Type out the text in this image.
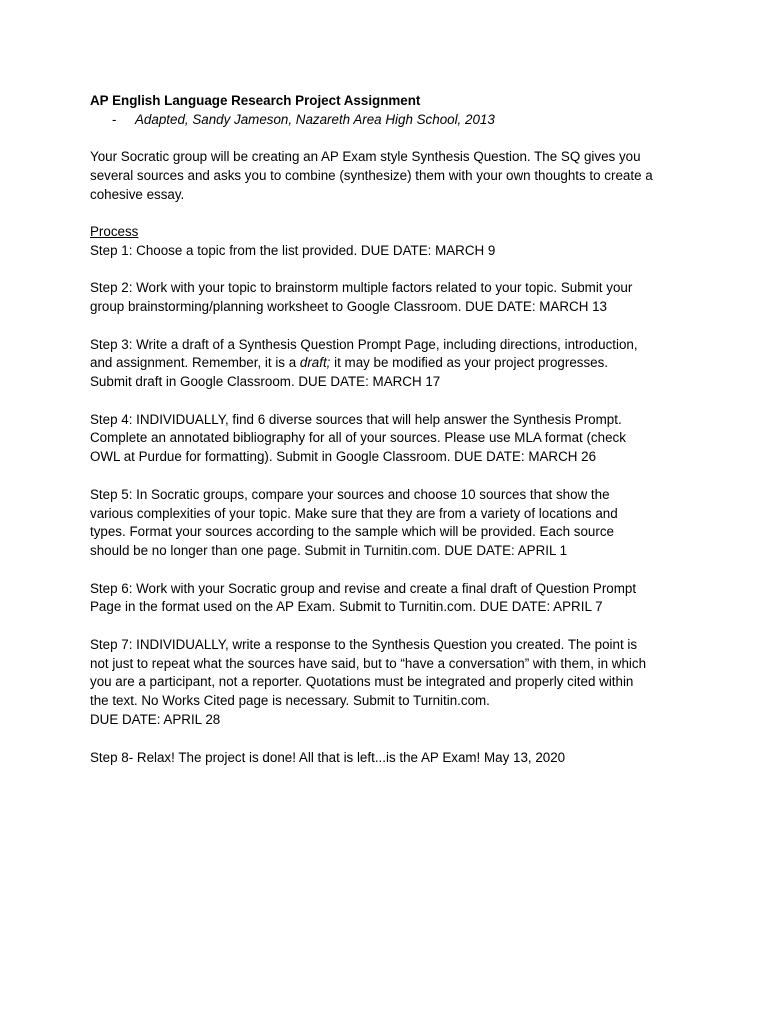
AP English Language Research Project Assignment

- Adapted, Sandy Jameson, Nazareth Area High School, 2013

Your Socratic group will be creating an AP Exam style Synthesis Question. The SQ gives you
several sources and asks you to combine (synthesize) them with your own thoughts to create a
cohesive essay.

Process

Step 1: Choose a topic from the list provided. DUE DATE: MARCH 9

Step 2: Work with your topic to brainstorm multiple factors related to your topic. Submit your
group brainstorming/planning worksheet to Google Classroom. DUE DATE: MARCH 13

Step 3: Write a draft of a Synthesis Question Prompt Page, including directions, introduction,
and assignment. Remember, it is a draft; it may be modified as your project progresses.
Submit draft in Google Classroom. DUE DATE: MARCH 17

Step 4: INDIVIDUALLY, find 6 diverse sources that will help answer the Synthesis Prompt.
Complete an annotated bibliography for all of your sources. Please use MLA format (check
OWL at Purdue for formatting). Submit in Google Classroom. DUE DATE: MARCH 26

Step 5: In Socratic groups, compare your sources and choose 10 sources that show the
various complexities of your topic. Make sure that they are from a variety of locations and
types. Format your sources according to the sample which will be provided. Each source
should be no longer than one page. Submit in Turnitin.com. DUE DATE: APRIL 1

Step 6: Work with your Socratic group and revise and create a final draft of Question Prompt
Page in the format used on the AP Exam. Submit to Turnitin.com. DUE DATE: APRIL 7

Step 7: INDIVIDUALLY, write a response to the Synthesis Question you created. The point is
not just to repeat what the sources have said, but to “have a conversation” with them, in which
you are a participant, not a reporter. Quotations must be integrated and properly cited within
the text. No Works Cited page is necessary. Submit to Turnitin.com.
DUE DATE: APRIL 28

Step 8- Relax! The project is done! All that is left...is the AP Exam! May 13, 2020
